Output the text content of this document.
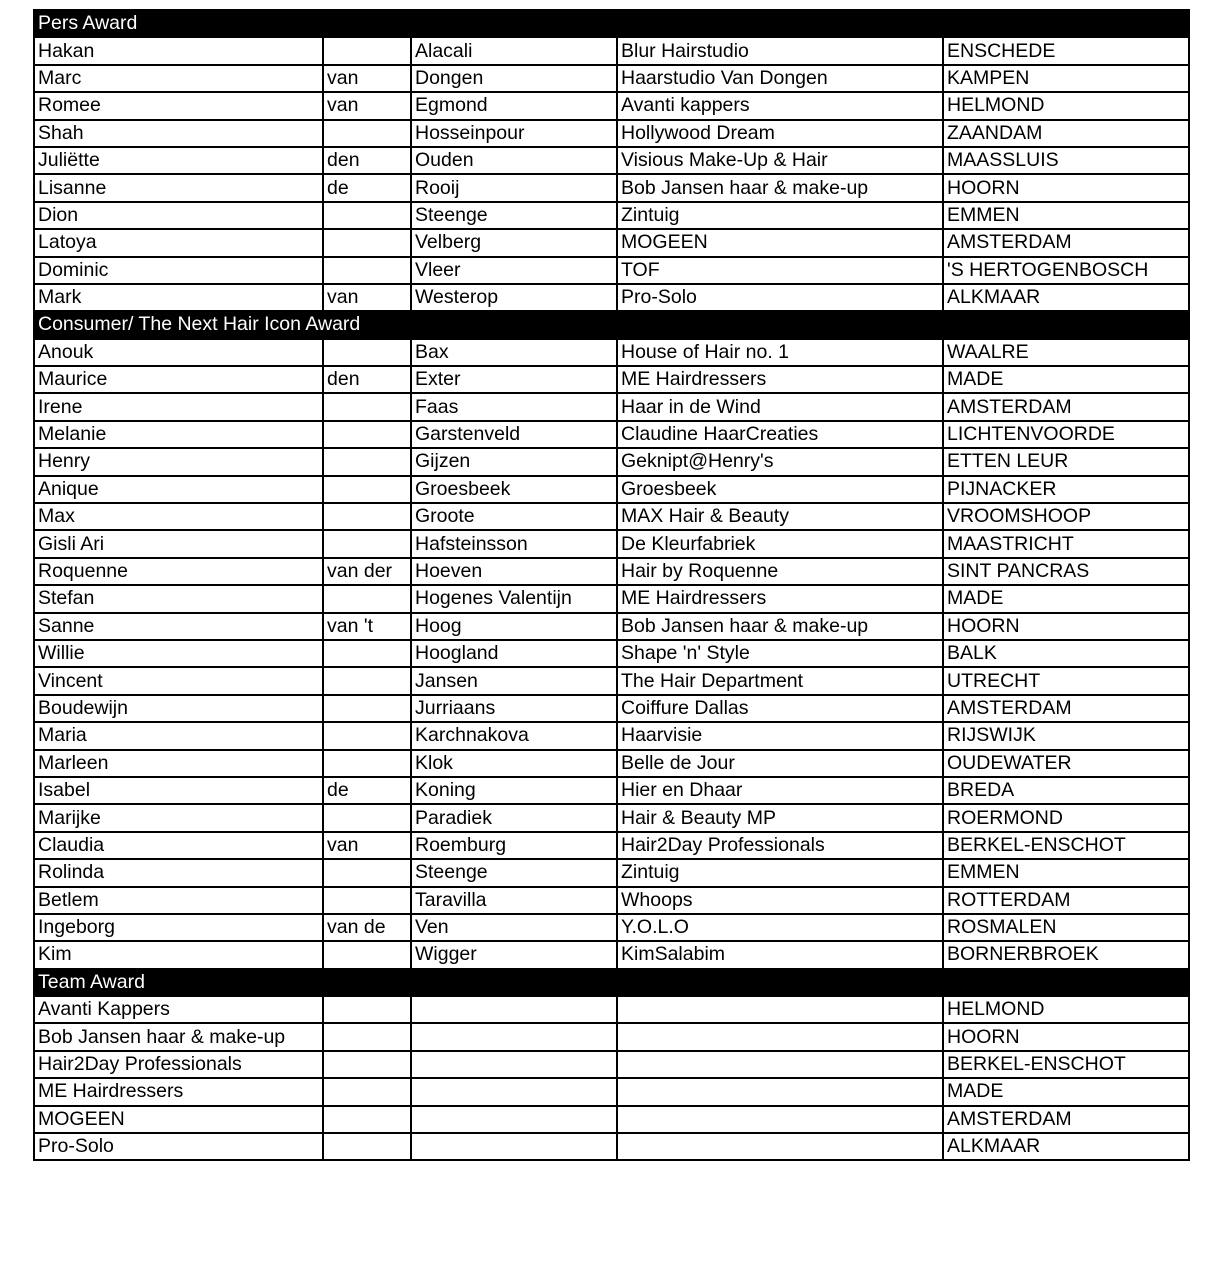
Pers Award				
Hakan		Alacali	Blur Hairstudio	ENSCHEDE
Marc	van	Dongen	Haarstudio Van Dongen	KAMPEN
Romee	van	Egmond	Avanti kappers	HELMOND
Shah		Hosseinpour	Hollywood Dream	ZAANDAM
Juliëtte	den	Ouden	Visious Make-Up & Hair	MAASSLUIS
Lisanne	de	Rooij	Bob Jansen haar & make-up	HOORN
Dion		Steenge	Zintuig	EMMEN
Latoya		Velberg	MOGEEN	AMSTERDAM
Dominic		Vleer	TOF	'S HERTOGENBOSCH
Mark	van	Westerop	Pro-Solo	ALKMAAR
Consumer/ The Next Hair Icon Award				
Anouk		Bax	House of Hair no. 1	WAALRE
Maurice	den	Exter	ME Hairdressers	MADE
Irene		Faas	Haar in de Wind	AMSTERDAM
Melanie		Garstenveld	Claudine HaarCreaties	LICHTENVOORDE
Henry		Gijzen	Geknipt@Henry's	ETTEN LEUR
Anique		Groesbeek	Groesbeek	PIJNACKER
Max		Groote	MAX Hair & Beauty	VROOMSHOOP
Gisli Ari		Hafsteinsson	De Kleurfabriek	MAASTRICHT
Roquenne	van der	Hoeven	Hair by Roquenne	SINT PANCRAS
Stefan		Hogenes Valentijn	ME Hairdressers	MADE
Sanne	van 't	Hoog	Bob Jansen haar & make-up	HOORN
Willie		Hoogland	Shape 'n' Style	BALK
Vincent		Jansen	The Hair Department	UTRECHT
Boudewijn		Jurriaans	Coiffure Dallas	AMSTERDAM
Maria		Karchnakova	Haarvisie	RIJSWIJK
Marleen		Klok	Belle de Jour	OUDEWATER
Isabel	de	Koning	Hier en Dhaar	BREDA
Marijke		Paradiek	Hair & Beauty MP	ROERMOND
Claudia	van	Roemburg	Hair2Day Professionals	BERKEL-ENSCHOT
Rolinda		Steenge	Zintuig	EMMEN
Betlem		Taravilla	Whoops	ROTTERDAM
Ingeborg	van de	Ven	Y.O.L.O	ROSMALEN
Kim		Wigger	KimSalabim	BORNERBROEK
Team Award				
Avanti Kappers				HELMOND
Bob Jansen haar & make-up				HOORN
Hair2Day Professionals				BERKEL-ENSCHOT
ME Hairdressers				MADE
MOGEEN				AMSTERDAM
Pro-Solo				ALKMAAR
